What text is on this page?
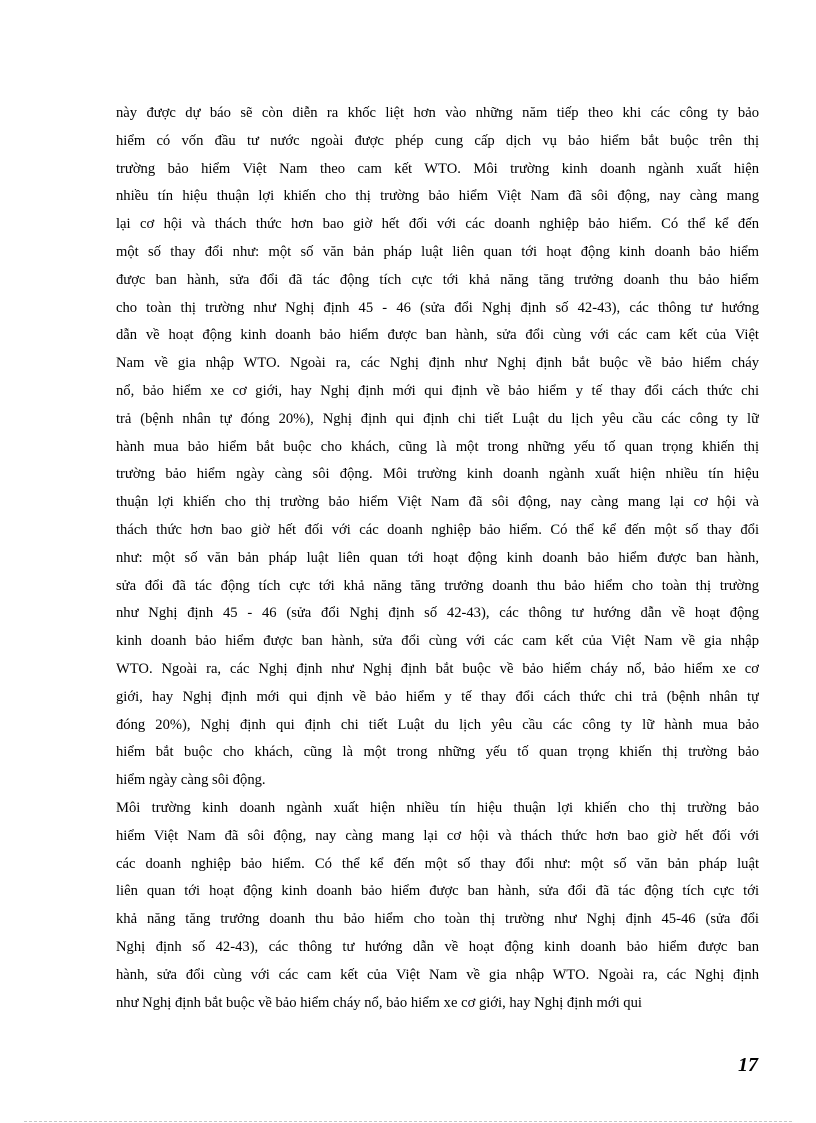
này được dự báo sẽ còn diễn ra khốc liệt hơn vào những năm tiếp theo khi các công ty bảo
hiểm có vốn đầu tư nước ngoài được phép cung cấp dịch vụ bảo hiểm bắt buộc trên thị
trường bảo hiểm Việt Nam theo cam kết WTO. Môi trường kinh doanh ngành xuất hiện
nhiều tín hiệu thuận lợi khiến cho thị trường bảo hiểm Việt Nam đã sôi động, nay càng mang
lại cơ hội và thách thức hơn bao giờ hết đối với các doanh nghiệp bảo hiểm. Có thể kể đến
một số thay đổi như: một số văn bản pháp luật liên quan tới hoạt động kinh doanh bảo hiểm
được ban hành, sửa đổi đã tác động tích cực tới khả năng tăng trưởng doanh thu bảo hiểm
cho toàn thị trường như Nghị định 45 - 46 (sửa đổi Nghị định số 42-43), các thông tư hướng
dẫn về hoạt động kinh doanh bảo hiểm được ban hành, sửa đổi cùng với các cam kết của Việt
Nam về gia nhập WTO. Ngoài ra, các Nghị định như Nghị định bắt buộc về bảo hiểm cháy
nổ, bảo hiểm xe cơ giới, hay Nghị định mới qui định về bảo hiểm y tế thay đổi cách thức chi
trả (bệnh nhân tự đóng 20%), Nghị định qui định chi tiết Luật du lịch yêu cầu các công ty lữ
hành mua bảo hiểm bắt buộc cho khách, cũng là một trong những yếu tố quan trọng khiến thị
trường bảo hiểm ngày càng sôi động. Môi trường kinh doanh ngành xuất hiện nhiều tín hiệu
thuận lợi khiến cho thị trường bảo hiểm Việt Nam đã sôi động, nay càng mang lại cơ hội và
thách thức hơn bao giờ hết đối với các doanh nghiệp bảo hiểm. Có thể kể đến một số thay đổi
như: một số văn bản pháp luật liên quan tới hoạt động kinh doanh bảo hiểm được ban hành,
sửa đổi đã tác động tích cực tới khả năng tăng trưởng doanh thu bảo hiểm cho toàn thị trường
như Nghị định 45 - 46 (sửa đổi Nghị định số 42-43), các thông tư hướng dẫn về hoạt động
kinh doanh bảo hiểm được ban hành, sửa đổi cùng với các cam kết của Việt Nam về gia nhập
WTO. Ngoài ra, các Nghị định như Nghị định bắt buộc về bảo hiểm cháy nổ, bảo hiểm xe cơ
giới, hay Nghị định mới qui định về bảo hiểm y tế thay đổi cách thức chi trả (bệnh nhân tự
đóng 20%), Nghị định qui định chi tiết Luật du lịch yêu cầu các công ty lữ hành mua bảo
hiểm bắt buộc cho khách, cũng là một trong những yếu tố quan trọng khiến thị trường bảo
hiểm ngày càng sôi động.
Môi trường kinh doanh ngành xuất hiện nhiều tín hiệu thuận lợi khiến cho thị trường bảo
hiểm Việt Nam đã sôi động, nay càng mang lại cơ hội và thách thức hơn bao giờ hết đối với
các doanh nghiệp bảo hiểm. Có thể kể đến một số thay đổi như: một số văn bản pháp luật
liên quan tới hoạt động kinh doanh bảo hiểm được ban hành, sửa đổi đã tác động tích cực tới
khả năng tăng trưởng doanh thu bảo hiểm cho toàn thị trường như Nghị định 45-46 (sửa đổi
Nghị định số 42-43), các thông tư hướng dẫn về hoạt động kinh doanh bảo hiểm được ban
hành, sửa đổi cùng với các cam kết của Việt Nam về gia nhập WTO. Ngoài ra, các Nghị định
như Nghị định bắt buộc về bảo hiểm cháy nổ, bảo hiểm xe cơ giới, hay Nghị định mới qui
17
